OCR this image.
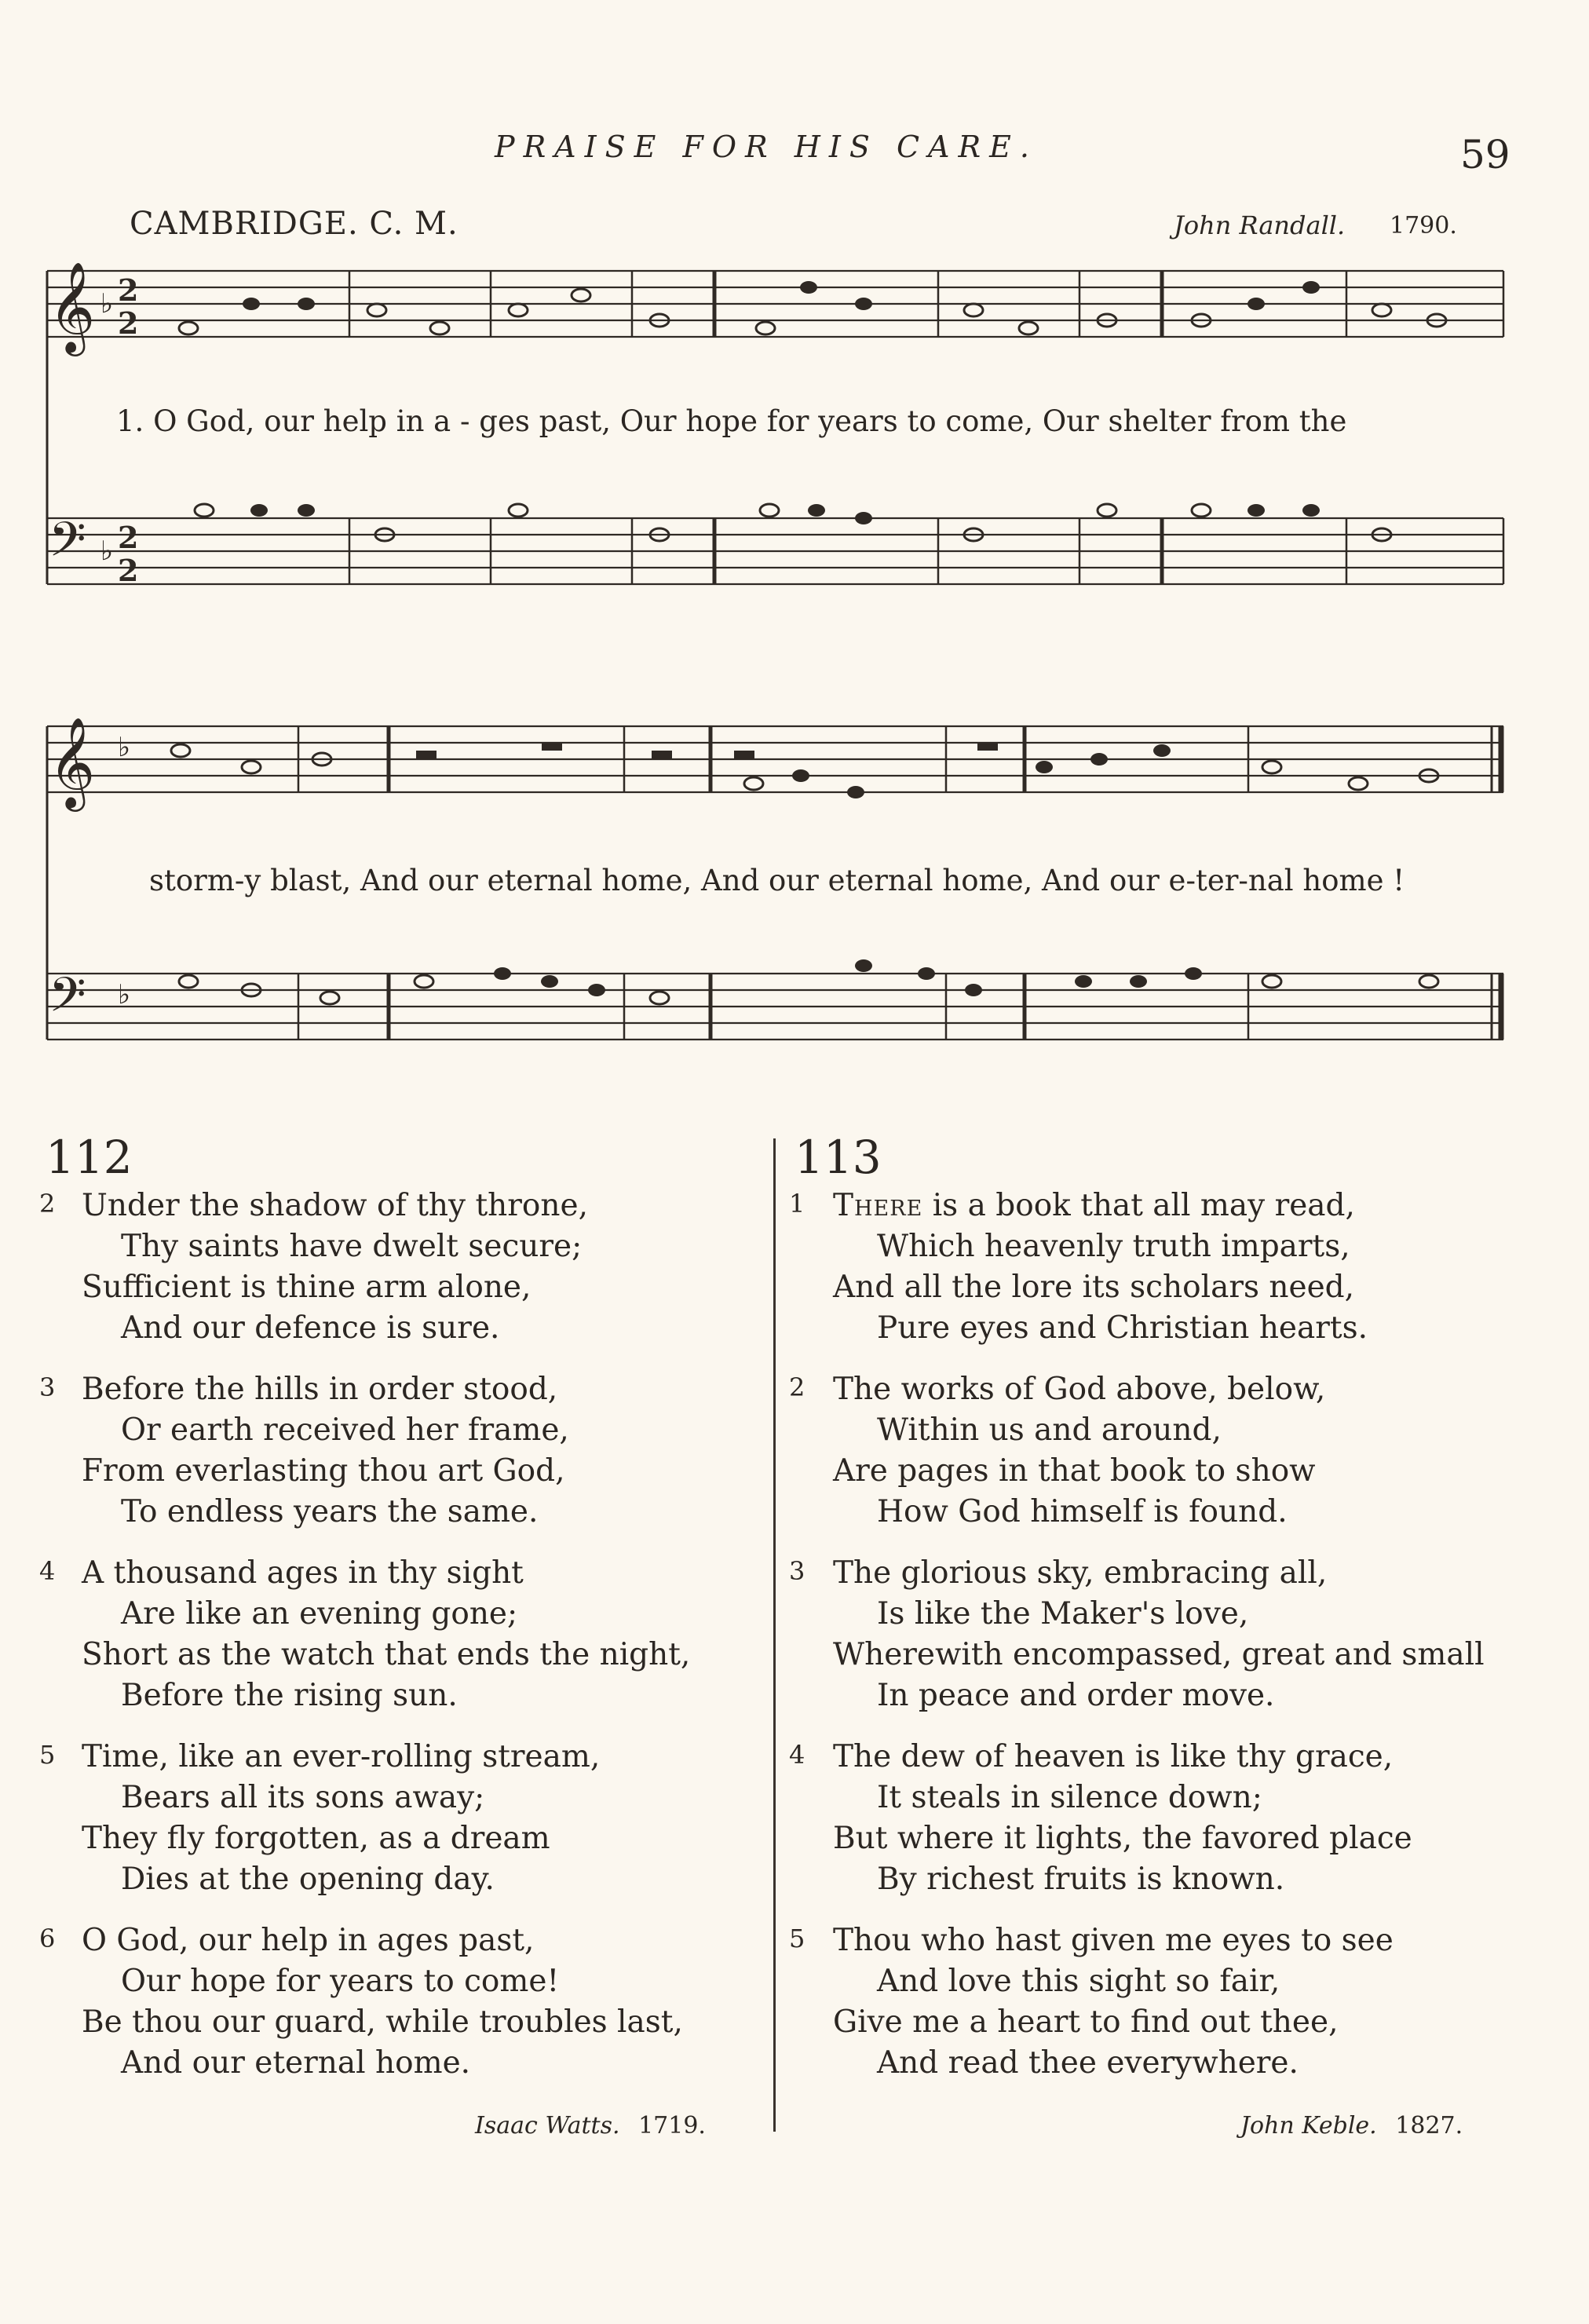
PRAISE FOR HIS CARE.	59
CAMBRIDGE. C. M.	John Randall. 1790.
𝄞
𝄢
𝄞
𝄢
2
2
2
2
♭
♭
♭
♭
1. O God, our help in a - ges past, Our hope for years to come, Our shelter from the
storm-y blast, And our eternal home, And our eternal home, And our e-ter-nal home !
112	113
2 Under the shadow of thy throne,
Thy saints have dwelt secure;
Sufficient is thine arm alone,
And our defence is sure.
3 Before the hills in order stood,
Or earth received her frame,
From everlasting thou art God,
To endless years the same.
4 A thousand ages in thy sight
Are like an evening gone;
Short as the watch that ends the night,
Before the rising sun.
5 Time, like an ever-rolling stream,
Bears all its sons away;
They fly forgotten, as a dream
Dies at the opening day.
6 O God, our help in ages past,
Our hope for years to come!
Be thou our guard, while troubles last,
And our eternal home.
Isaac Watts. 1719.
1 There is a book that all may read,
Which heavenly truth imparts,
And all the lore its scholars need,
Pure eyes and Christian hearts.
2 The works of God above, below,
Within us and around,
Are pages in that book to show
How God himself is found.
3 The glorious sky, embracing all,
Is like the Maker's love,
Wherewith encompassed, great and small
In peace and order move.
4 The dew of heaven is like thy grace,
It steals in silence down;
But where it lights, the favored place
By richest fruits is known.
5 Thou who hast given me eyes to see
And love this sight so fair,
Give me a heart to find out thee,
And read thee everywhere.
John Keble. 1827.
